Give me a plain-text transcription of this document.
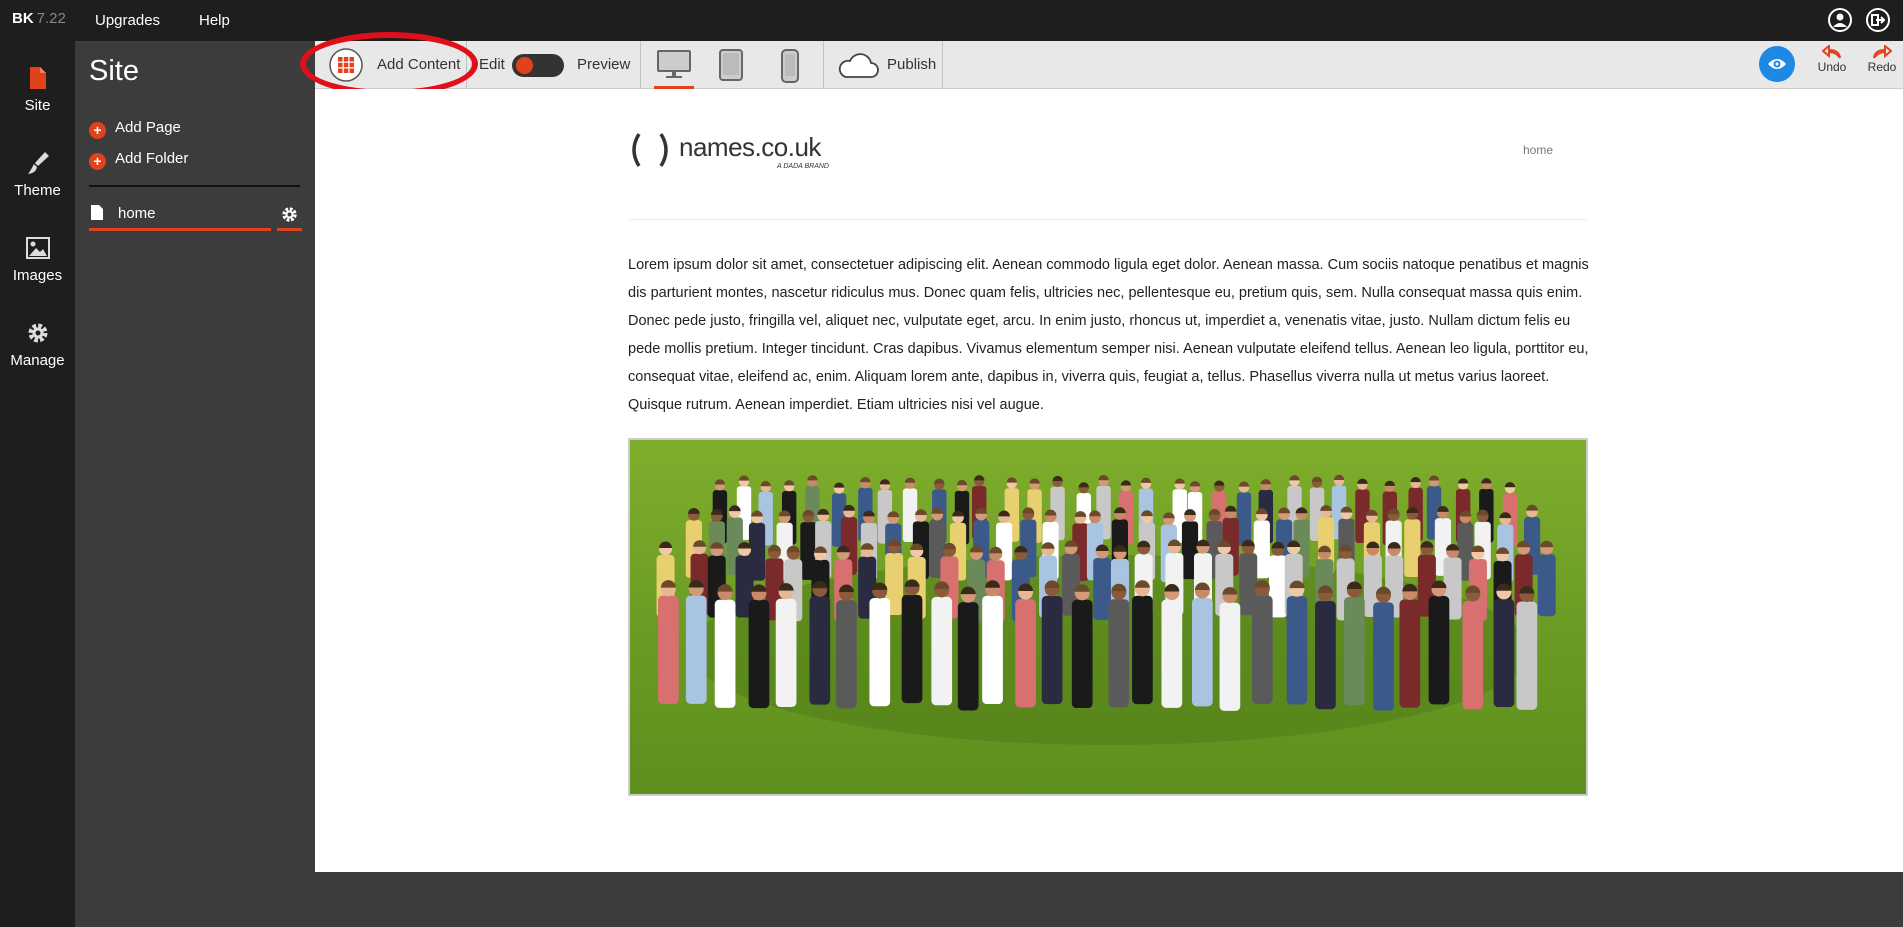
BK 7.22 Upgrades	Help
Site
Theme
Images
Manage
Site
+ Add Page
+ Add Folder
home
Add Content Edit	Preview	Publish	Undo	Redo
names.co.uk
A DADA BRAND
home

Lorem ipsum dolor sit amet, consectetuer adipiscing elit. Aenean commodo ligula eget dolor. Aenean massa. Cum sociis natoque penatibus et magnis dis parturient montes, nascetur ridiculus mus. Donec quam felis, ultricies nec, pellentesque eu, pretium quis, sem. Nulla consequat massa quis enim. Donec pede justo, fringilla vel, aliquet nec, vulputate eget, arcu. In enim justo, rhoncus ut, imperdiet a, venenatis vitae, justo. Nullam dictum felis eu pede mollis pretium. Integer tincidunt. Cras dapibus. Vivamus elementum semper nisi. Aenean vulputate eleifend tellus. Aenean leo ligula, porttitor eu, consequat vitae, eleifend ac, enim. Aliquam lorem ante, dapibus in, viverra quis, feugiat a, tellus. Phasellus viverra nulla ut metus varius laoreet. Quisque rutrum. Aenean imperdiet. Etiam ultricies nisi vel augue.
